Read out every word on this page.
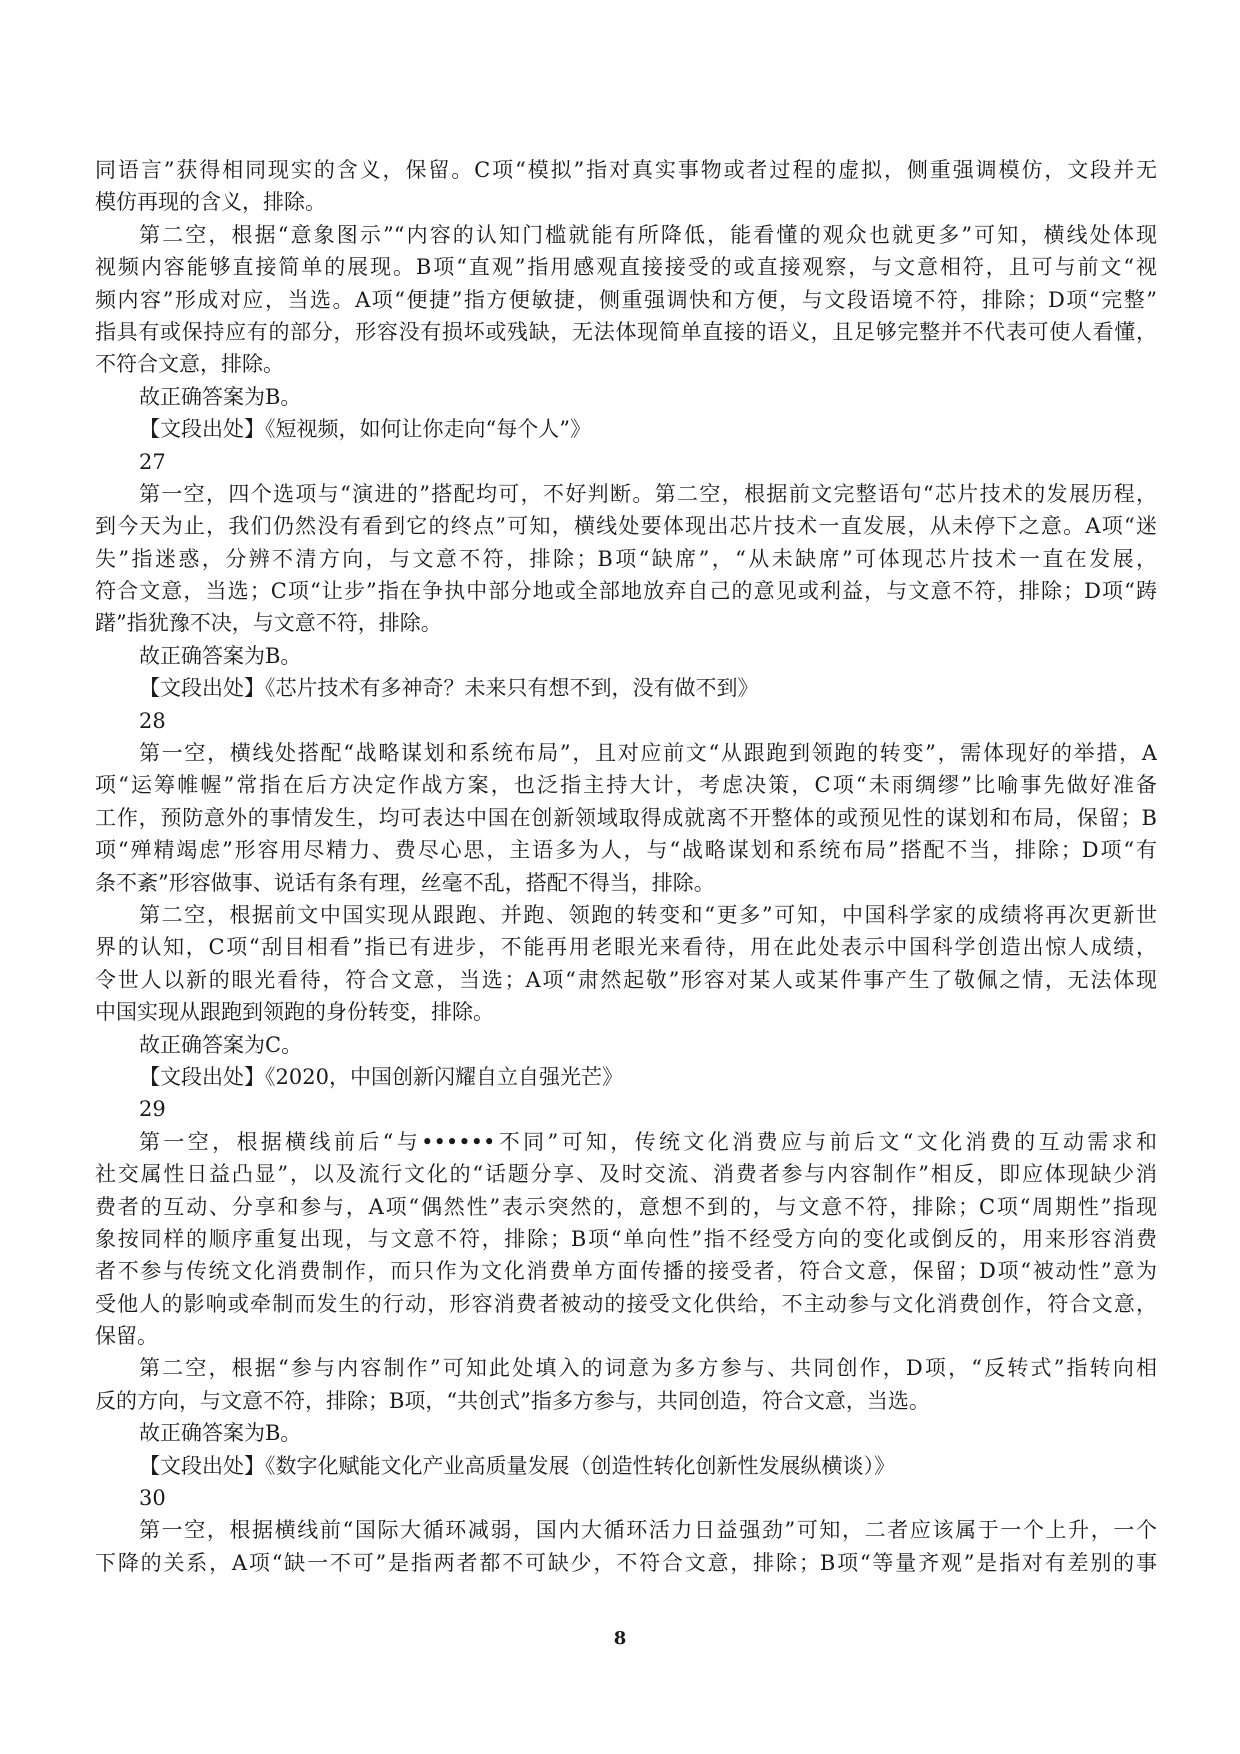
同语言”获得相同现实的含义，保留。C项“模拟”指对真实事物或者过程的虚拟，侧重强调模仿，文段并无
模仿再现的含义，排除。
第二空，根据“意象图示”“内容的认知门槛就能有所降低，能看懂的观众也就更多”可知，横线处体现
视频内容能够直接简单的展现。B项“直观”指用感观直接接受的或直接观察，与文意相符，且可与前文“视
频内容”形成对应，当选。A项“便捷”指方便敏捷，侧重强调快和方便，与文段语境不符，排除；D项“完整”
指具有或保持应有的部分，形容没有损坏或残缺，无法体现简单直接的语义，且足够完整并不代表可使人看懂，
不符合文意，排除。
故正确答案为B。
【文段出处】《短视频，如何让你走向“每个人”》
27
第一空，四个选项与“演进的”搭配均可，不好判断。第二空，根据前文完整语句“芯片技术的发展历程，
到今天为止，我们仍然没有看到它的终点”可知，横线处要体现出芯片技术一直发展，从未停下之意。A项“迷
失”指迷惑，分辨不清方向，与文意不符，排除；B项“缺席”，“从未缺席”可体现芯片技术一直在发展，
符合文意，当选；C项“让步”指在争执中部分地或全部地放弃自己的意见或利益，与文意不符，排除；D项“踌
躇”指犹豫不决，与文意不符，排除。
故正确答案为B。
【文段出处】《芯片技术有多神奇？未来只有想不到，没有做不到》
28
第一空，横线处搭配“战略谋划和系统布局”，且对应前文“从跟跑到领跑的转变”，需体现好的举措，A
项“运筹帷幄”常指在后方决定作战方案，也泛指主持大计，考虑决策，C项“未雨绸缪”比喻事先做好准备
工作，预防意外的事情发生，均可表达中国在创新领域取得成就离不开整体的或预见性的谋划和布局，保留；B
项“殚精竭虑”形容用尽精力、费尽心思，主语多为人，与“战略谋划和系统布局”搭配不当，排除；D项“有
条不紊”形容做事、说话有条有理，丝毫不乱，搭配不得当，排除。
第二空，根据前文中国实现从跟跑、并跑、领跑的转变和“更多”可知，中国科学家的成绩将再次更新世
界的认知，C项“刮目相看”指已有进步，不能再用老眼光来看待，用在此处表示中国科学创造出惊人成绩，
令世人以新的眼光看待，符合文意，当选；A项“肃然起敬”形容对某人或某件事产生了敬佩之情，无法体现
中国实现从跟跑到领跑的身份转变，排除。
故正确答案为C。
【文段出处】《2020，中国创新闪耀自立自强光芒》
29
第一空，根据横线前后“与••••••不同”可知，传统文化消费应与前后文“文化消费的互动需求和
社交属性日益凸显”，以及流行文化的“话题分享、及时交流、消费者参与内容制作”相反，即应体现缺少消
费者的互动、分享和参与，A项“偶然性”表示突然的，意想不到的，与文意不符，排除；C项“周期性”指现
象按同样的顺序重复出现，与文意不符，排除；B项“单向性”指不经受方向的变化或倒反的，用来形容消费
者不参与传统文化消费制作，而只作为文化消费单方面传播的接受者，符合文意，保留；D项“被动性”意为
受他人的影响或牵制而发生的行动，形容消费者被动的接受文化供给，不主动参与文化消费创作，符合文意，
保留。
第二空，根据“参与内容制作”可知此处填入的词意为多方参与、共同创作，D项，“反转式”指转向相
反的方向，与文意不符，排除；B项，“共创式”指多方参与，共同创造，符合文意，当选。
故正确答案为B。
【文段出处】《数字化赋能文化产业高质量发展（创造性转化创新性发展纵横谈）》
30
第一空，根据横线前“国际大循环减弱，国内大循环活力日益强劲”可知，二者应该属于一个上升，一个
下降的关系，A项“缺一不可”是指两者都不可缺少，不符合文意，排除；B项“等量齐观”是指对有差别的事
8
